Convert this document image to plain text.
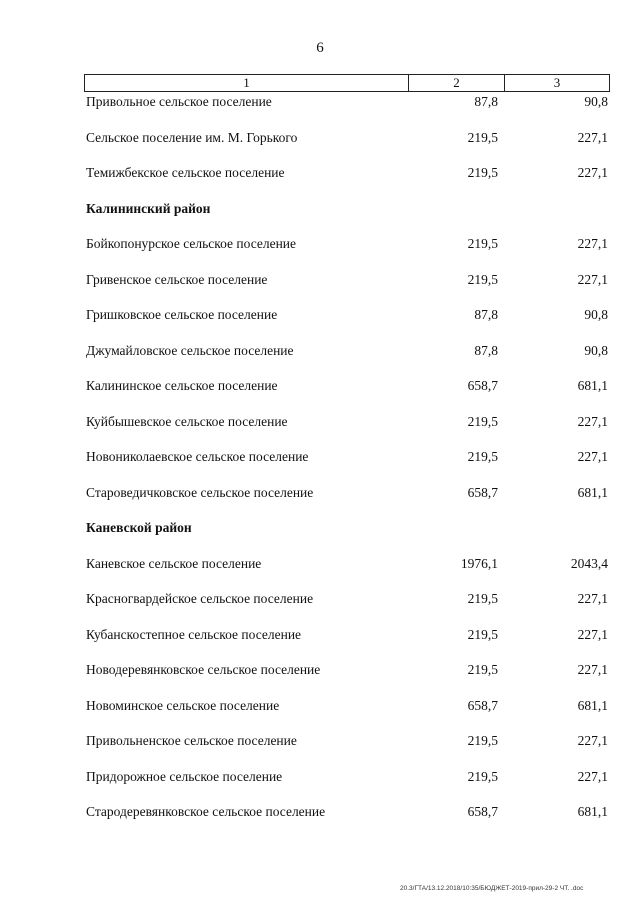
6
1	2	3
Привольное сельское поселение	87,8	90,8
Сельское поселение им. М. Горького	219,5	227,1
Темижбекское сельское поселение	219,5	227,1
Калининский район
Бойкопонурское сельское поселение	219,5	227,1
Гривенское сельское поселение	219,5	227,1
Гришковское сельское поселение	87,8	90,8
Джумайловское сельское поселение	87,8	90,8
Калининское сельское поселение	658,7	681,1
Куйбышевское сельское поселение	219,5	227,1
Новониколаевское сельское поселение	219,5	227,1
Староведичковское сельское поселение	658,7	681,1
Каневской район
Каневское сельское поселение	1976,1	2043,4
Красногвардейское сельское поселение	219,5	227,1
Кубанскостепное сельское поселение	219,5	227,1
Новодеревянковское сельское поселение	219,5	227,1
Новоминское сельское поселение	658,7	681,1
Привольненское сельское поселение	219,5	227,1
Придорожное сельское поселение	219,5	227,1
Стародеревянковское сельское поселение	658,7	681,1
20.3/ГТА/13.12.2018/10:35/БЮДЖЕТ-2019-прил-29-2 ЧТ. .doc
